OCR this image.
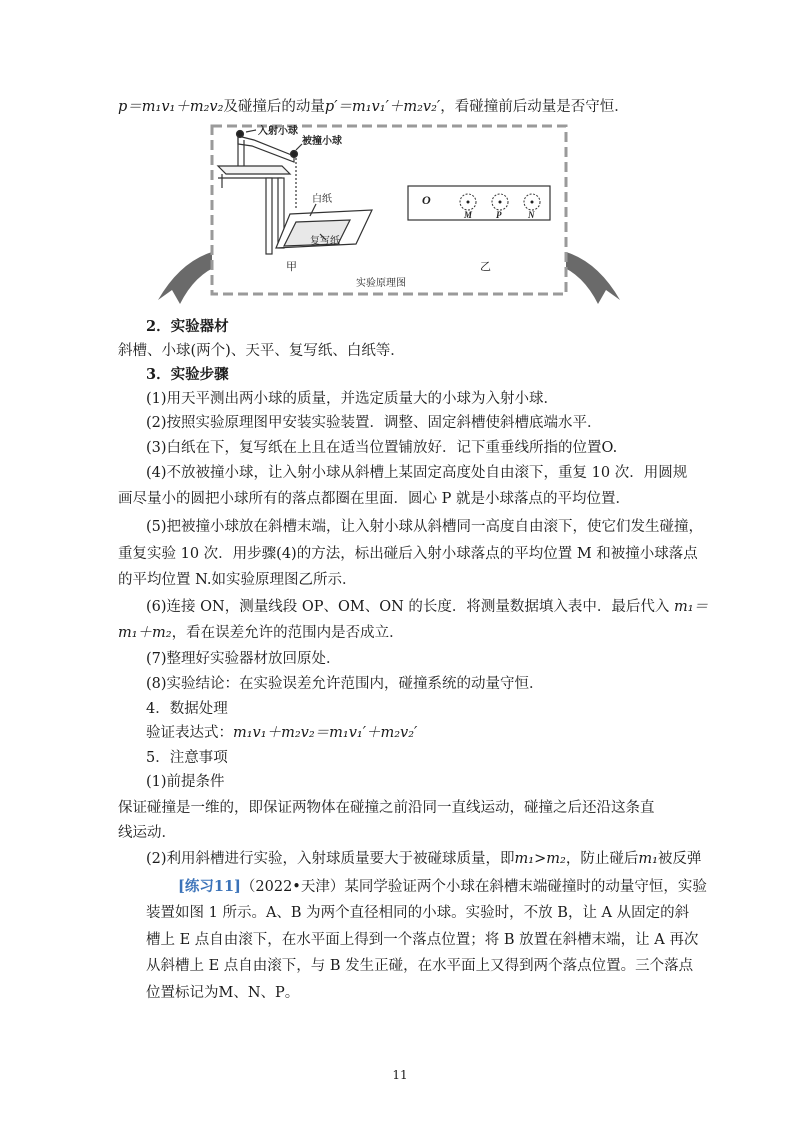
p＝m₁v₁＋m₂v₂及碰撞后的动量p′＝m₁v₁′＋m₂v₂′，看碰撞前后动量是否守恒．
入射小球
被撞小球
白纸
复写纸
甲
O
M	P	N
乙
实验原理图
2．实验器材
斜槽、小球(两个)、天平、复写纸、白纸等．
3．实验步骤
(1)用天平测出两小球的质量，并选定质量大的小球为入射小球．
(2)按照实验原理图甲安装实验装置．调整、固定斜槽使斜槽底端水平．
(3)白纸在下，复写纸在上且在适当位置铺放好．记下重垂线所指的位置O.
(4)不放被撞小球，让入射小球从斜槽上某固定高度处自由滚下，重复 10 次．用圆规
画尽量小的圆把小球所有的落点都圈在里面．圆心 P 就是小球落点的平均位置．
(5)把被撞小球放在斜槽末端，让入射小球从斜槽同一高度自由滚下，使它们发生碰撞，
重复实验 10 次．用步骤(4)的方法，标出碰后入射小球落点的平均位置 M 和被撞小球落点
的平均位置 N.如实验原理图乙所示．
(6)连接 ON，测量线段 OP、OM、ON 的长度．将测量数据填入表中．最后代入 m₁＝
m₁＋m₂，看在误差允许的范围内是否成立．
(7)整理好实验器材放回原处．
(8)实验结论：在实验误差允许范围内，碰撞系统的动量守恒．
4．数据处理
验证表达式：m₁v₁＋m₂v₂＝m₁v₁′＋m₂v₂′
5．注意事项
(1)前提条件
保证碰撞是一维的，即保证两物体在碰撞之前沿同一直线运动，碰撞之后还沿这条直
线运动．
(2)利用斜槽进行实验，入射球质量要大于被碰球质量，即m₁>m₂，防止碰后m₁被反弹
[练习11]（2022•天津）某同学验证两个小球在斜槽末端碰撞时的动量守恒，实验
装置如图 1 所示。A、B 为两个直径相同的小球。实验时，不放 B，让 A 从固定的斜
槽上 E 点自由滚下，在水平面上得到一个落点位置；将 B 放置在斜槽末端，让 A 再次
从斜槽上 E 点自由滚下，与 B 发生正碰，在水平面上又得到两个落点位置。三个落点
位置标记为M、N、P。
11
